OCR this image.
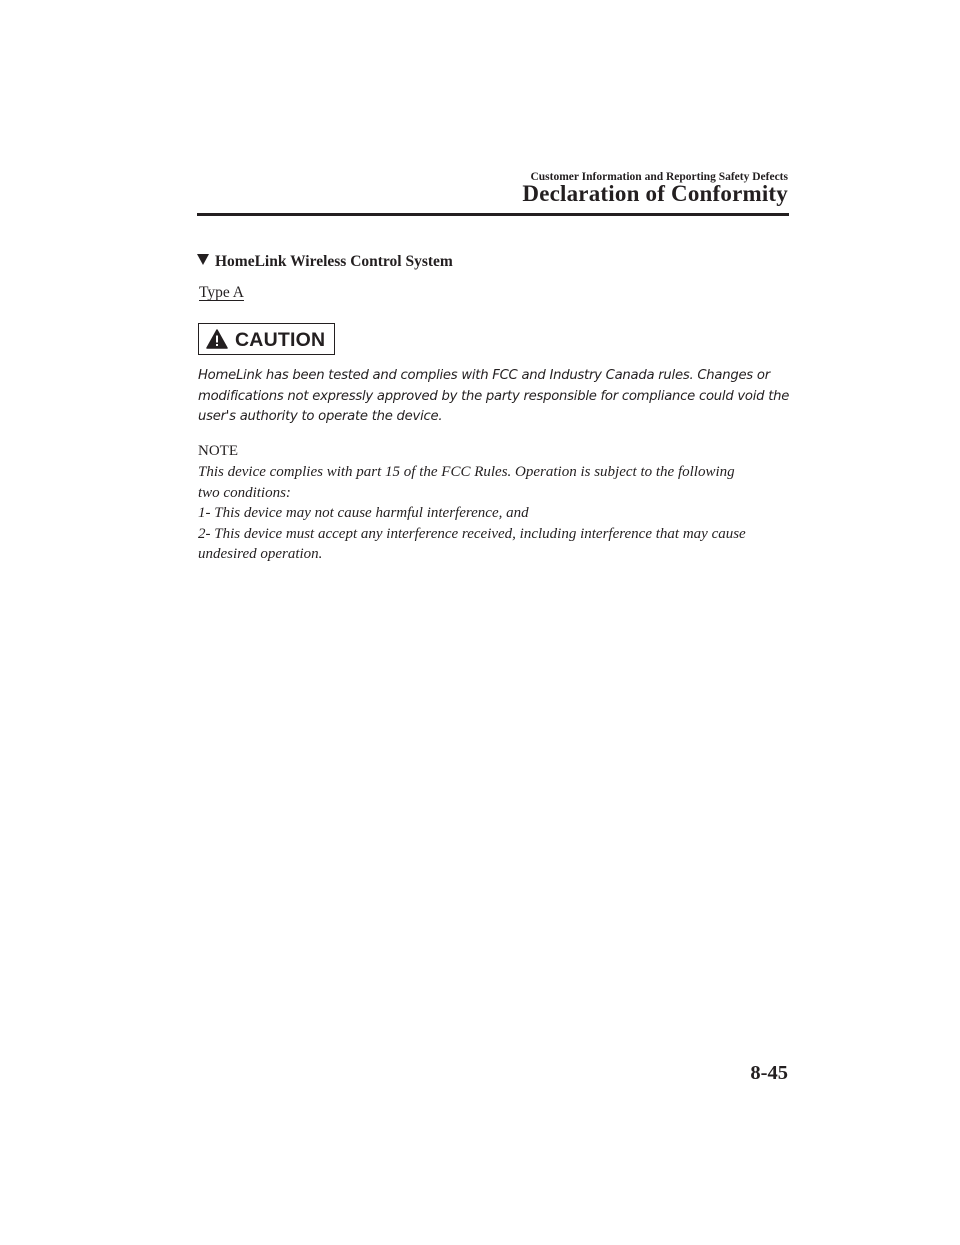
Customer Information and Reporting Safety Defects
Declaration of Conformity
HomeLink Wireless Control System
Type A
CAUTION
HomeLink has been tested and complies with FCC and Industry Canada rules. Changes or
modifications not expressly approved by the party responsible for compliance could void the
user's authority to operate the device.
NOTE
This device complies with part 15 of the FCC Rules. Operation is subject to the following
two conditions:
1- This device may not cause harmful interference, and
2- This device must accept any interference received, including interference that may cause
undesired operation.
8-45
